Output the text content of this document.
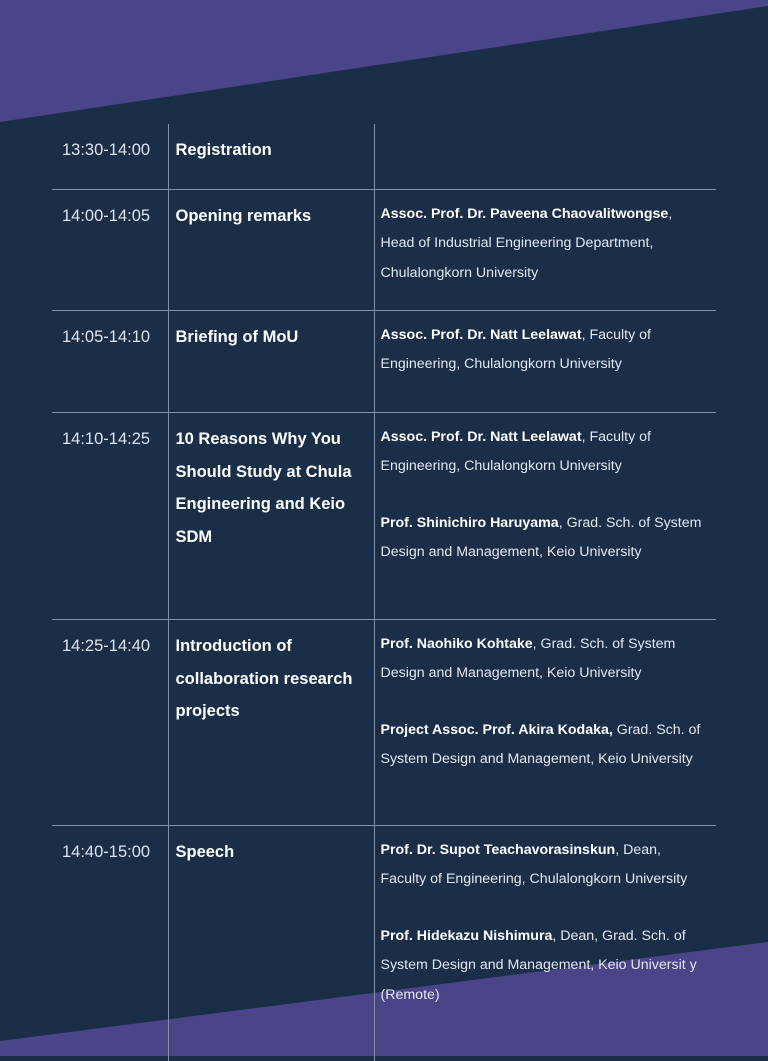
13:30-14:00	Registration	
14:00-14:05	Opening remarks	Assoc. Prof. Dr. Paveena Chaovalitwongse, Head of Industrial Engineering Department, Chulalongkorn University

14:05-14:10	Briefing of MoU	Assoc. Prof. Dr. Natt Leelawat, Faculty of Engineering, Chulalongkorn University

14:10-14:25	10 Reasons Why You Should Study at Chula Engineering and Keio SDM	Assoc. Prof. Dr. Natt Leelawat, Faculty of Engineering, Chulalongkorn University
Prof. Shinichiro Haruyama, Grad. Sch. of System Design and Management, Keio University

14:25-14:40	Introduction of collaboration research projects	Prof. Naohiko Kohtake, Grad. Sch. of System Design and Management, Keio University
Project Assoc. Prof. Akira Kodaka, Grad. Sch. of System Design and Management, Keio University

14:40-15:00	Speech	Prof. Dr. Supot Teachavorasinskun, Dean, Faculty of Engineering, Chulalongkorn University
Prof. Hidekazu Nishimura, Dean, Grad. Sch. of System Design and Management, Keio Universit y (Remote)
